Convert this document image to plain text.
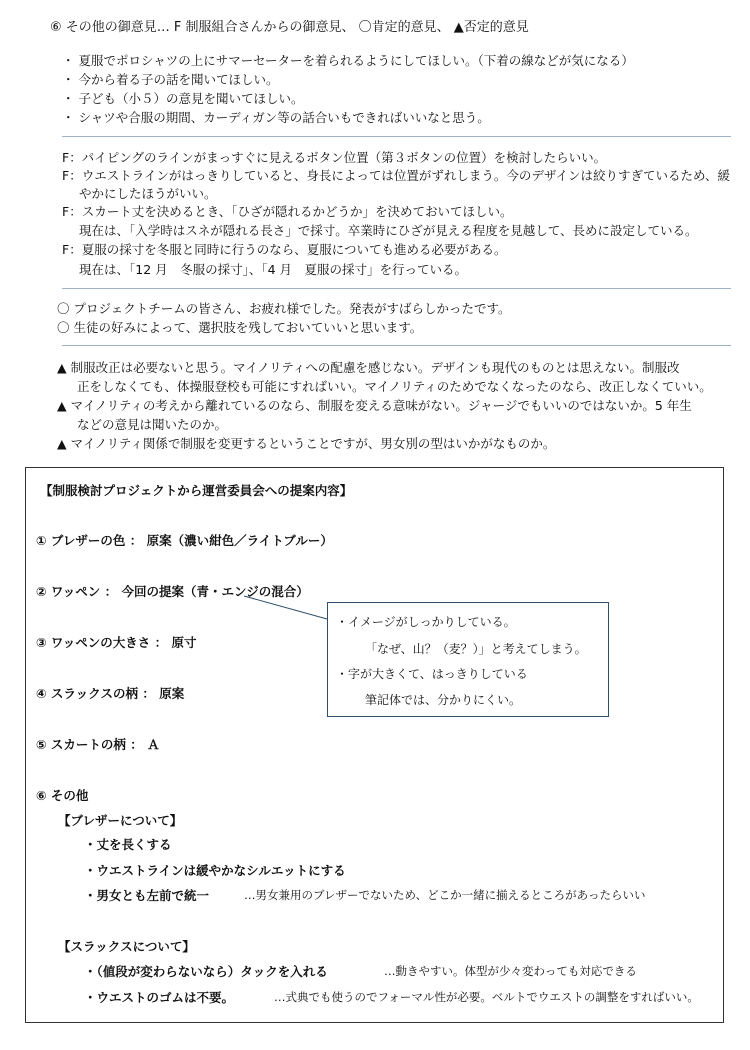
⑥ その他の御意見… F 制服組合さんからの御意見、 〇肯定的意見、 ▲否定的意見
・ 夏服でポロシャツの上にサマーセーターを着られるようにしてほしい。（下着の線などが気になる）
・ 今から着る子の話を聞いてほしい。
・ 子ども（小５）の意見を聞いてほしい。
・ シャツや合服の期間、カーディガン等の話合いもできればいいなと思う。
F：パイピングのラインがまっすぐに見えるボタン位置（第３ボタンの位置）を検討したらいい。
F：ウエストラインがはっきりしていると、身長によっては位置がずれしまう。今のデザインは絞りすぎているため、緩
やかにしたほうがいい。
F：スカート丈を決めるとき、「ひざが隠れるかどうか」を決めておいてほしい。
現在は、「入学時はスネが隠れる長さ」で採寸。卒業時にひざが見える程度を見越して、長めに設定している。
F：夏服の採寸を冬服と同時に行うのなら、夏服についても進める必要がある。
現在は、「12 月　冬服の採寸」、「4 月　夏服の採寸」を行っている。
〇 プロジェクトチームの皆さん、お疲れ様でした。発表がすばらしかったです。
〇 生徒の好みによって、選択肢を残しておいていいと思います。
▲ 制服改正は必要ないと思う。マイノリティへの配慮を感じない。デザインも現代のものとは思えない。制服改
正をしなくても、体操服登校も可能にすればいい。マイノリティのためでなくなったのなら、改正しなくていい。
▲ マイノリティの考えから離れているのなら、制服を変える意味がない。ジャージでもいいのではないか。5 年生
などの意見は聞いたのか。
▲ マイノリティ関係で制服を変更するということですが、男女別の型はいかがなものか。
【制服検討プロジェクトから運営委員会への提案内容】
① ブレザーの色 ： 原案（濃い紺色／ライトブルー）
② ワッペン ： 今回の提案（青・エンジの混合）
③ ワッペンの大きさ ： 原寸
④ スラックスの柄 ： 原案
⑤ スカートの柄 ： Ａ
⑥ その他
・イメージがしっかりしている。
「なぜ、山？（麦？）」と考えてしまう。
・字が大きくて、はっきりしている
筆記体では、分かりにくい。
【ブレザーについて】
・丈を長くする
・ウエストラインは緩やかなシルエットにする
・男女とも左前で統一	…男女兼用のブレザーでないため、どこか一緒に揃えるところがあったらいい
【スラックスについて】
・（値段が変わらないなら）タックを入れる	…動きやすい。体型が少々変わっても対応できる
・ウエストのゴムは不要。	…式典でも使うのでフォーマル性が必要。ベルトでウエストの調整をすればいい。
